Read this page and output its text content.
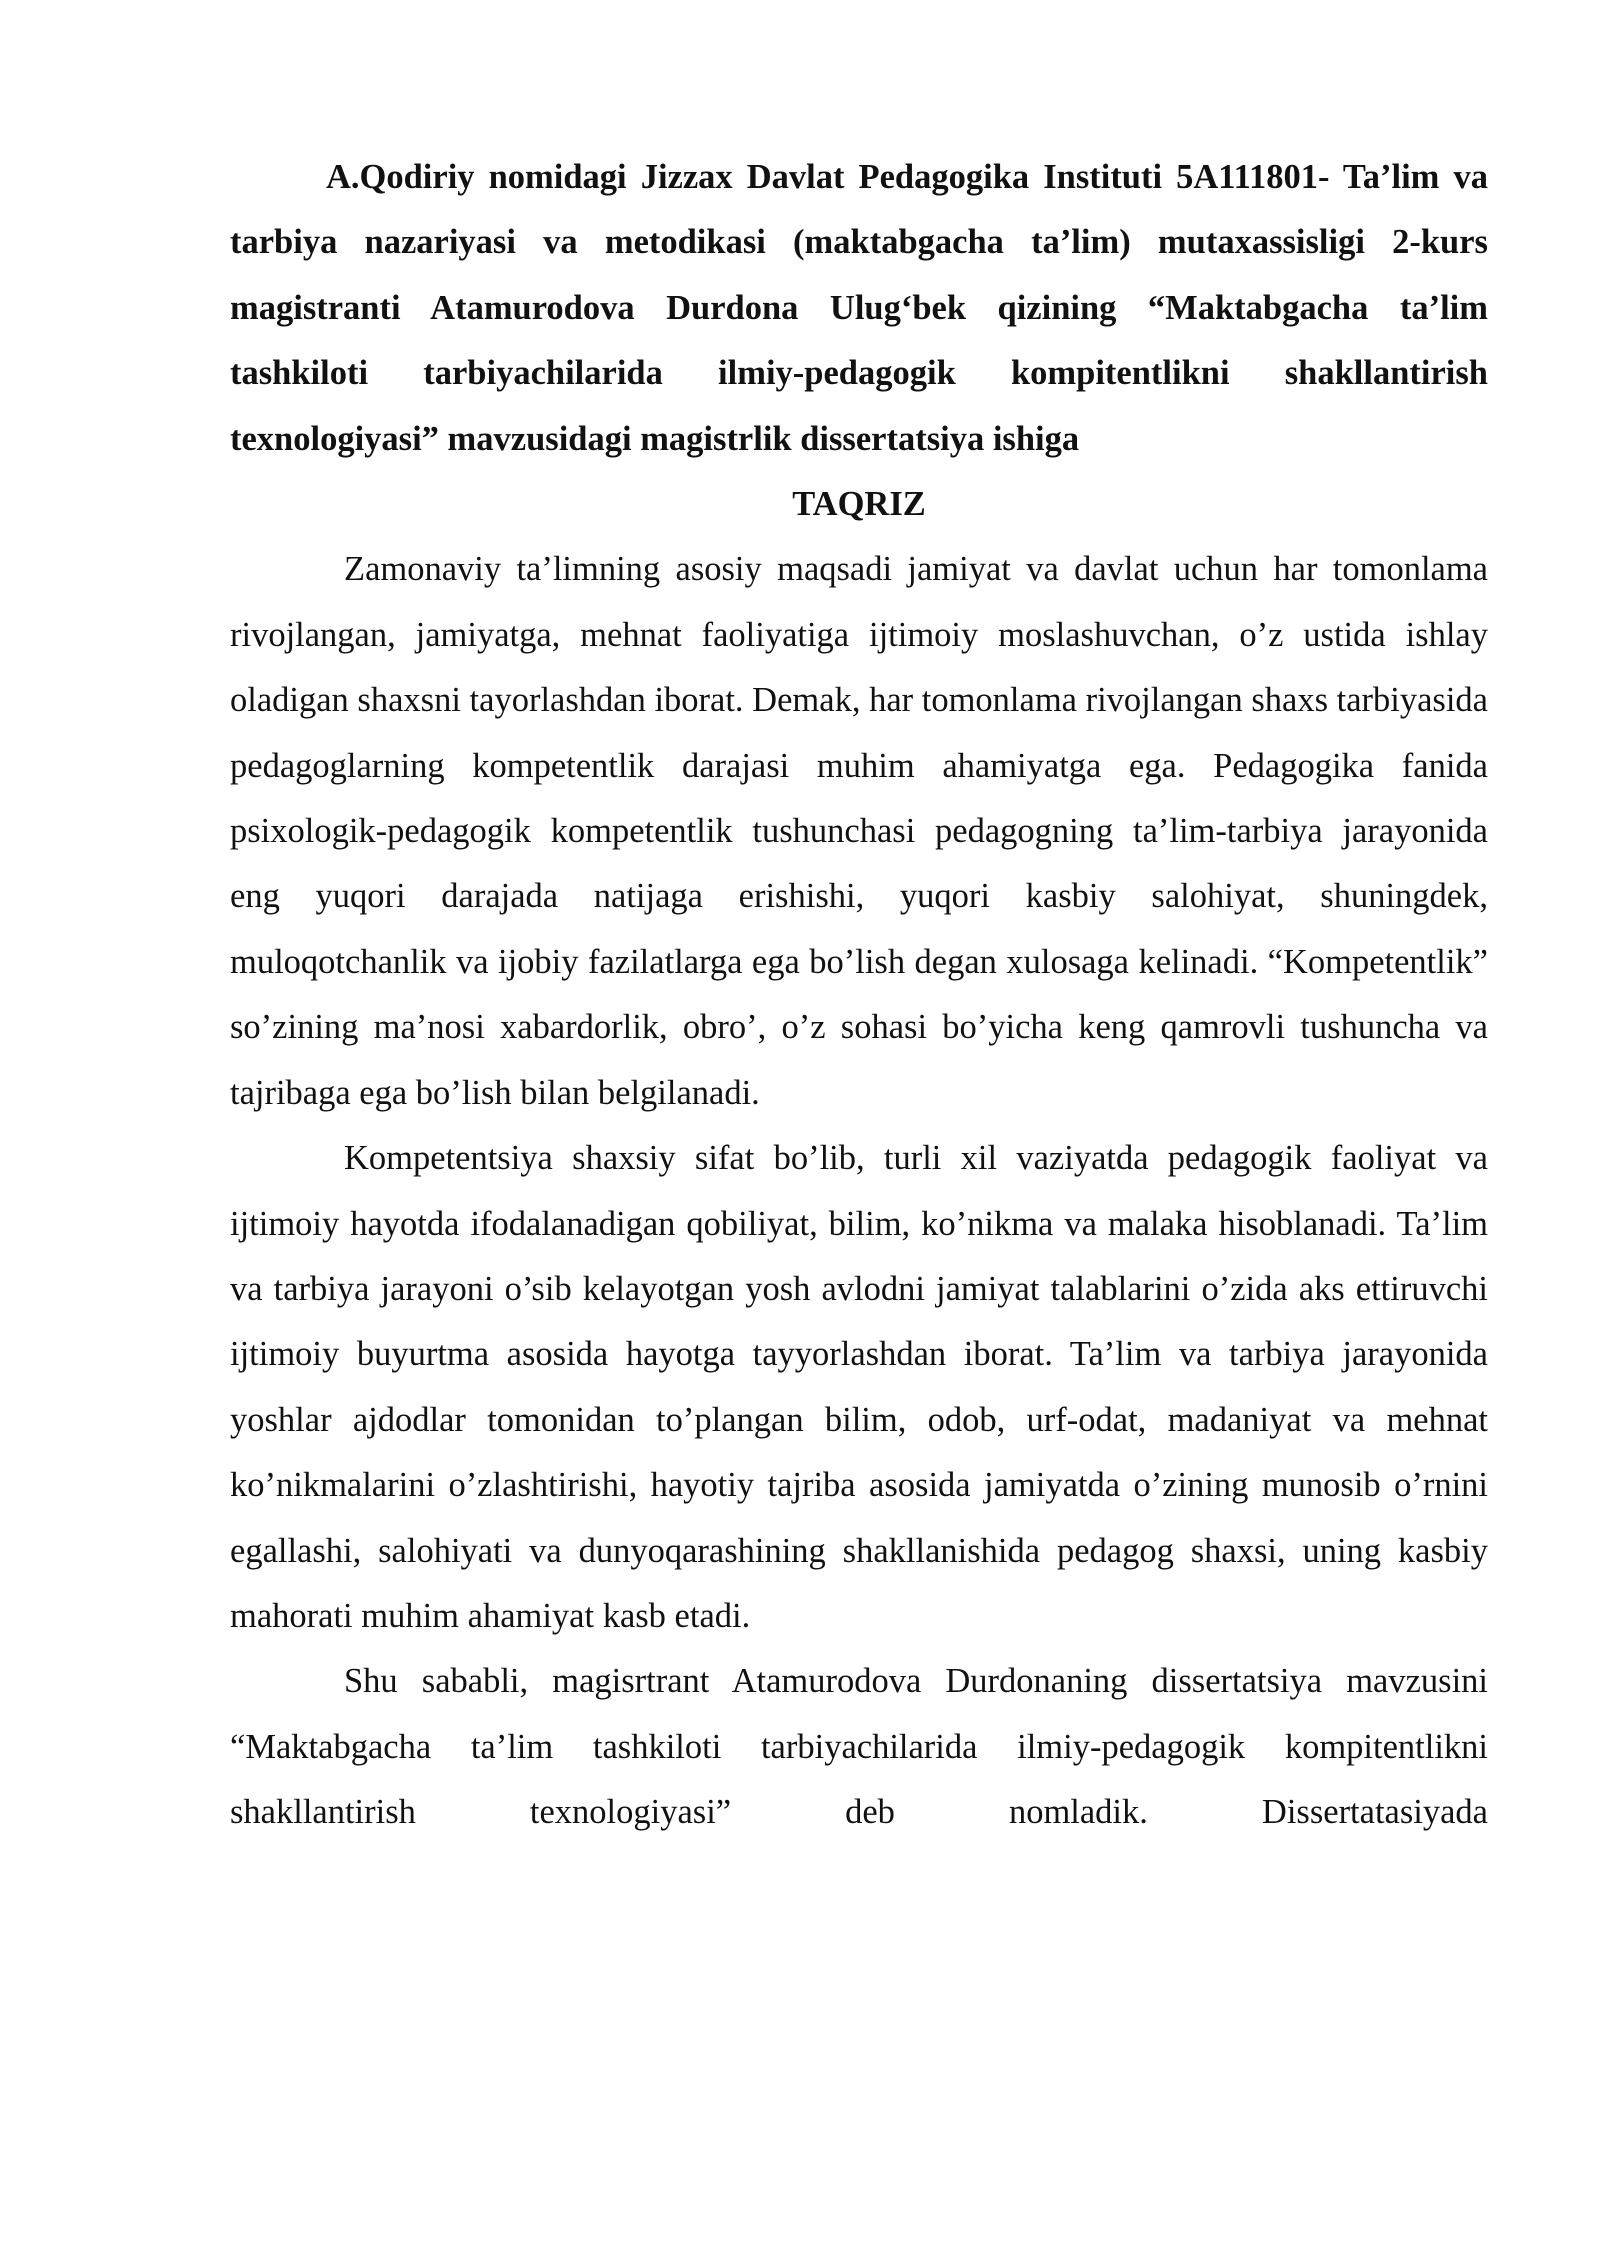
A.Qodiriy nomidagi Jizzax Davlat Pedagogika Instituti 5A111801- Ta’lim va tarbiya nazariyasi va metodikasi (maktabgacha ta’lim) mutaxassisligi 2-kurs magistranti Atamurodova Durdona Ulug‘bek qizining “Maktabgacha ta’lim tashkiloti tarbiyachilarida ilmiy-pedagogik kompitentlikni shakllantirish texnologiyasi” mavzusidagi magistrlik dissertatsiya ishiga

TAQRIZ

Zamonaviy ta’limning asosiy maqsadi jamiyat va davlat uchun har tomonlama rivojlangan, jamiyatga, mehnat faoliyatiga ijtimoiy moslashuvchan, o’z ustida ishlay oladigan shaxsni tayorlashdan iborat. Demak, har tomonlama rivojlangan shaxs tarbiyasida pedagoglarning kompetentlik darajasi muhim ahamiyatga ega. Pedagogika fanida psixologik-pedagogik kompetentlik tushunchasi pedagogning ta’lim-tarbiya jarayonida eng yuqori darajada natijaga erishishi, yuqori kasbiy salohiyat, shuningdek, muloqotchanlik va ijobiy fazilatlarga ega bo’lish degan xulosaga kelinadi. “Kompetentlik” so’zining ma’nosi xabardorlik, obro’, o’z sohasi bo’yicha keng qamrovli tushuncha va tajribaga ega bo’lish bilan belgilanadi.

Kompetentsiya shaxsiy sifat bo’lib, turli xil vaziyatda pedagogik faoliyat va ijtimoiy hayotda ifodalanadigan qobiliyat, bilim, ko’nikma va malaka hisoblanadi. Ta’lim va tarbiya jarayoni o’sib kelayotgan yosh avlodni jamiyat talablarini o’zida aks ettiruvchi ijtimoiy buyurtma asosida hayotga tayyorlashdan iborat. Ta’lim va tarbiya jarayonida yoshlar ajdodlar tomonidan to’plangan bilim, odob, urf-odat, madaniyat va mehnat ko’nikmalarini o’zlashtirishi, hayotiy tajriba asosida jamiyatda o’zining munosib o’rnini egallashi, salohiyati va dunyoqarashining shakllanishida pedagog shaxsi, uning kasbiy mahorati muhim ahamiyat kasb etadi.

Shu sababli, magisrtrant Atamurodova Durdonaning dissertatsiya mavzusini “Maktabgacha ta’lim tashkiloti tarbiyachilarida ilmiy-pedagogik kompitentlikni shakllantirish texnologiyasi” deb nomladik. Dissertatasiyada
